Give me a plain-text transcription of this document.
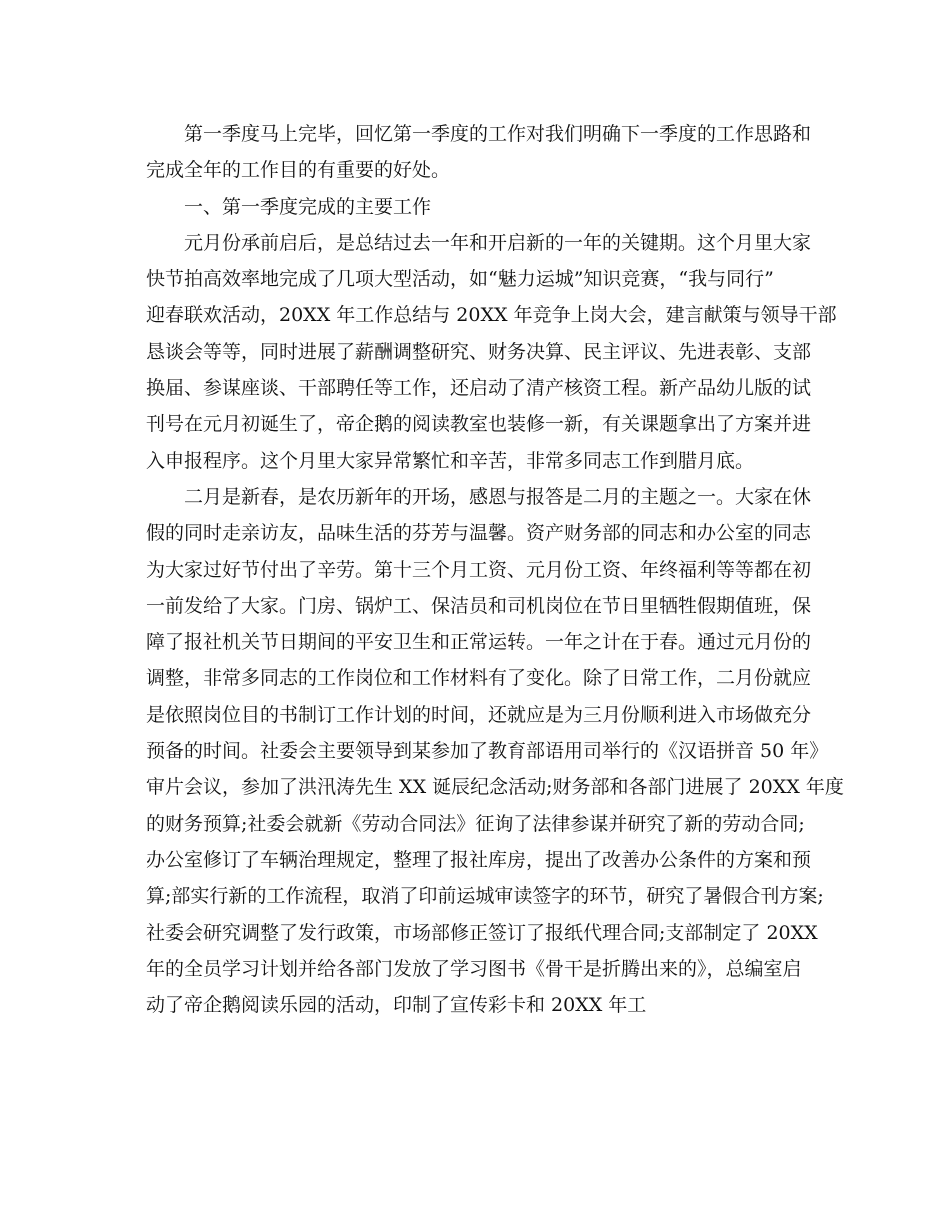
第一季度马上完毕，回忆第一季度的工作对我们明确下一季度的工作思路和
完成全年的工作目的有重要的好处。
一、第一季度完成的主要工作
元月份承前启后，是总结过去一年和开启新的一年的关键期。这个月里大家
快节拍高效率地完成了几项大型活动，如“魅力运城”知识竞赛，“我与同行”
迎春联欢活动，20XX 年工作总结与 20XX 年竞争上岗大会，建言献策与领导干部
恳谈会等等，同时进展了薪酬调整研究、财务决算、民主评议、先进表彰、支部
换届、参谋座谈、干部聘任等工作，还启动了清产核资工程。新产品幼儿版的试
刊号在元月初诞生了，帝企鹅的阅读教室也装修一新，有关课题拿出了方案并进
入申报程序。这个月里大家异常繁忙和辛苦，非常多同志工作到腊月底。
二月是新春，是农历新年的开场，感恩与报答是二月的主题之一。大家在休
假的同时走亲访友，品味生活的芬芳与温馨。资产财务部的同志和办公室的同志
为大家过好节付出了辛劳。第十三个月工资、元月份工资、年终福利等等都在初
一前发给了大家。门房、锅炉工、保洁员和司机岗位在节日里牺牲假期值班，保
障了报社机关节日期间的平安卫生和正常运转。一年之计在于春。通过元月份的
调整，非常多同志的工作岗位和工作材料有了变化。除了日常工作，二月份就应
是依照岗位目的书制订工作计划的时间，还就应是为三月份顺利进入市场做充分
预备的时间。社委会主要领导到某参加了教育部语用司举行的《汉语拼音 50 年》
审片会议，参加了洪汛涛先生 XX 诞辰纪念活动;财务部和各部门进展了 20XX 年度
的财务预算;社委会就新《劳动合同法》征询了法律参谋并研究了新的劳动合同;
办公室修订了车辆治理规定，整理了报社库房，提出了改善办公条件的方案和预
算;部实行新的工作流程，取消了印前运城审读签字的环节，研究了暑假合刊方案;
社委会研究调整了发行政策，市场部修正签订了报纸代理合同;支部制定了 20XX
年的全员学习计划并给各部门发放了学习图书《骨干是折腾出来的》，总编室启
动了帝企鹅阅读乐园的活动，印制了宣传彩卡和 20XX 年工
